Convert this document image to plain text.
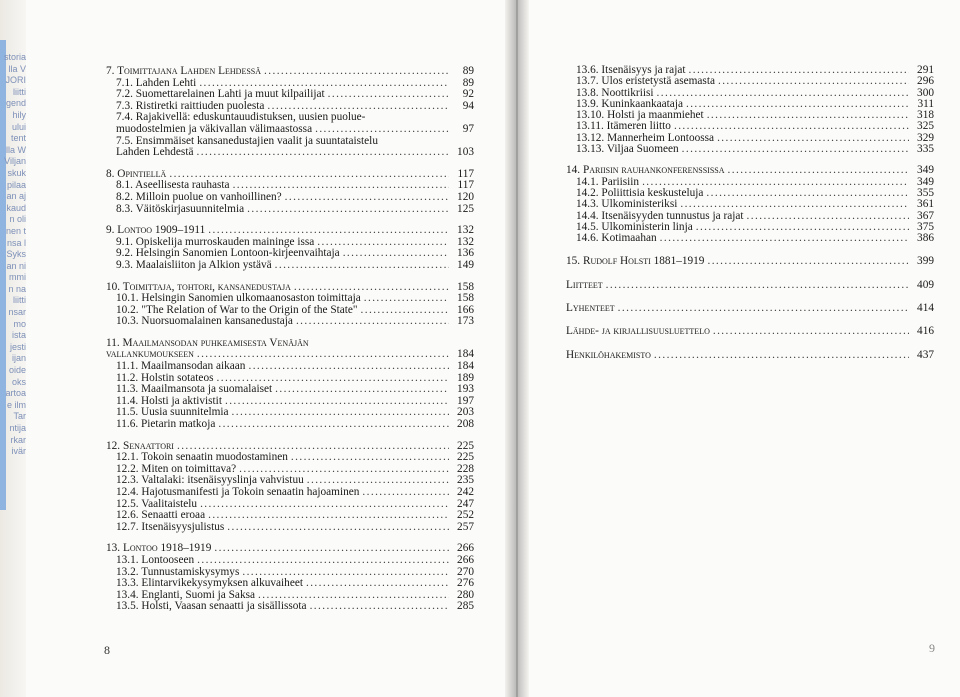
storia
lla V
JORI
liitti
gend
hily
ului
tent
lla W
Viljan
skuk
pilaa
an aj
kaud
n oli
nen t
nsa l
Syks
an ni
mmi
n na
liitti
nsar
mo
ista
jesti
ijan
oide
oks
artoa
e ilm
Tar
ntija
rkar
ivär
7. Toimittajana Lahden Lehdessä .....	89
7.1. Lahden Lehti .....	89
7.2. Suomettarelainen Lahti ja muut kilpailijat .....	92
7.3. Ristiretki raittiuden puolesta .....	94
7.4. Rajakivellä: eduskuntauudistuksen, uusien puolue-
muodostelmien ja väkivallan välimaastossa .....	97
7.5. Ensimmäiset kansanedustajien vaalit ja suuntataistelu
Lahden Lehdestä .....	103
8. Opintiellä .....	117
8.1. Aseellisesta rauhasta .....	117
8.2. Milloin puolue on vanhoillinen? .....	120
8.3. Väitöskirjasuunnitelmia .....	125
9. Lontoo 1909–1911 .....	132
9.1. Opiskelija murroskauden maininge issa .....	132
9.2. Helsingin Sanomien Lontoon-kirjeenvaihtaja .....	136
9.3. Maalaisliiton ja Alkion ystävä .....	149
10. Toimittaja, tohtori, kansanedustaja .....	158
10.1. Helsingin Sanomien ulkomaanosaston toimittaja .....	158
10.2. "The Relation of War to the Origin of the State" .....	166
10.3. Nuorsuomalainen kansanedustaja .....	173
11. Maailmansodan puhkeamisesta Venäjän
vallankumoukseen .....	184
11.1. Maailmansodan aikaan .....	184
11.2. Holstin sotateos .....	189
11.3. Maailmansota ja suomalaiset .....	193
11.4. Holsti ja aktivistit .....	197
11.5. Uusia suunnitelmia .....	203
11.6. Pietarin matkoja .....	208
12. Senaattori .....	225
12.1. Tokoin senaatin muodostaminen .....	225
12.2. Miten on toimittava? .....	228
12.3. Valtalaki: itsenäisyyslinja vahvistuu .....	235
12.4. Hajotusmanifesti ja Tokoin senaatin hajoaminen .....	242
12.5. Vaalitaistelu .....	247
12.6. Senaatti eroaa .....	252
12.7. Itsenäisyysjulistus .....	257
13. Lontoo 1918–1919 .....	266
13.1. Lontooseen .....	266
13.2. Tunnustamiskysymys .....	270
13.3. Elintarvikekysymyksen alkuvaiheet .....	276
13.4. Englanti, Suomi ja Saksa .....	280
13.5. Holsti, Vaasan senaatti ja sisällissota .....	285
13.6. Itsenäisyys ja rajat .....	291
13.7. Ulos eristetystä asemasta .....	296
13.8. Noottikriisi .....	300
13.9. Kuninkaankaataja .....	311
13.10. Holsti ja maanmiehet .....	318
13.11. Itämeren liitto .....	325
13.12. Mannerheim Lontoossa .....	329
13.13. Viljaa Suomeen .....	335
14. Pariisin rauhankonferenssissa .....	349
14.1. Pariisiin .....	349
14.2. Poliittisia keskusteluja .....	355
14.3. Ulkoministeriksi .....	361
14.4. Itsenäisyyden tunnustus ja rajat .....	367
14.5. Ulkoministerin linja .....	375
14.6. Kotimaahan .....	386
15. Rudolf Holsti 1881–1919 .....	399
Liitteet .....	409
Lyhenteet .....	414
Lähde- ja kirjallisuusluettelo .....	416
Henkilöhakemisto .....	437
8	9
